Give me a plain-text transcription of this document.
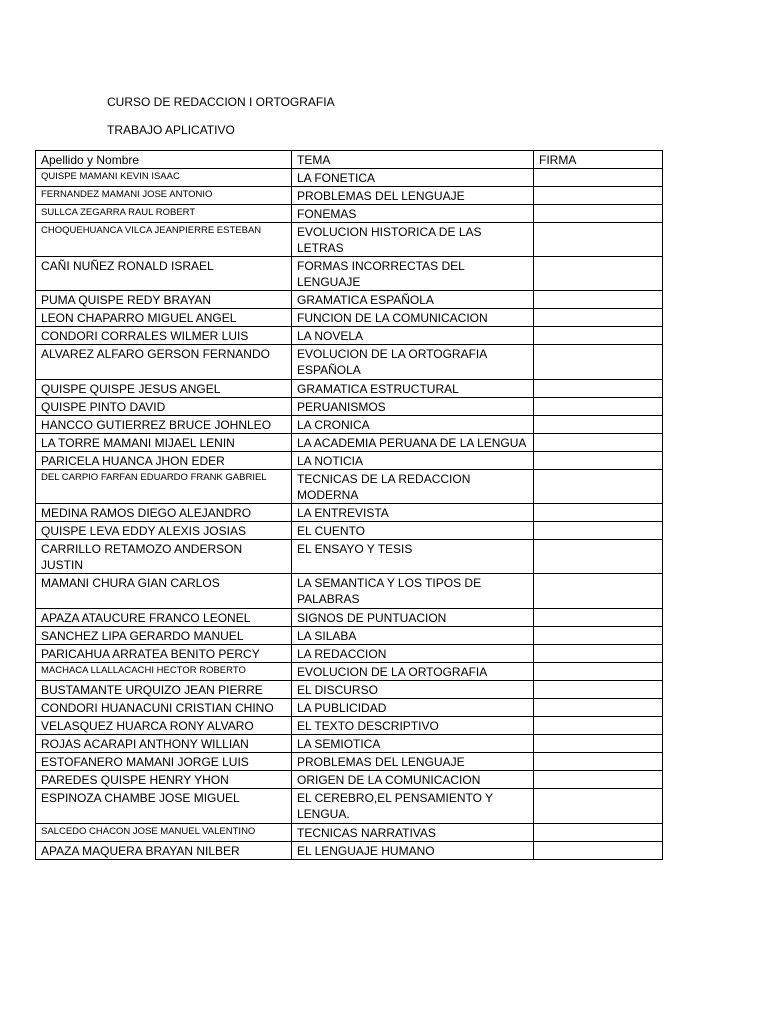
CURSO DE REDACCION I ORTOGRAFIA
TRABAJO APLICATIVO
Apellido y Nombre	TEMA	FIRMA
QUISPE MAMANI KEVIN ISAAC	LA FONETICA	
FERNANDEZ MAMANI JOSE ANTONIO	PROBLEMAS DEL LENGUAJE	
SULLCA ZEGARRA RAUL ROBERT	FONEMAS	
CHOQUEHUANCA VILCA JEANPIERRE ESTEBAN	EVOLUCION HISTORICA DE LAS LETRAS	
CAÑI NUÑEZ RONALD ISRAEL	FORMAS INCORRECTAS DEL LENGUAJE	
PUMA QUISPE REDY BRAYAN	GRAMATICA ESPAÑOLA	
LEON CHAPARRO MIGUEL ANGEL	FUNCION DE LA COMUNICACION	
CONDORI CORRALES WILMER LUIS	LA NOVELA	
ALVAREZ ALFARO GERSON FERNANDO	EVOLUCION DE LA ORTOGRAFIA ESPAÑOLA	
QUISPE QUISPE JESUS ANGEL	GRAMATICA ESTRUCTURAL	
QUISPE PINTO DAVID	PERUANISMOS	
HANCCO GUTIERREZ BRUCE JOHNLEO	LA CRONICA	
LA TORRE MAMANI MIJAEL LENIN	LA ACADEMIA PERUANA DE LA LENGUA	
PARICELA HUANCA JHON EDER	LA NOTICIA	
DEL CARPIO FARFAN EDUARDO FRANK GABRIEL	TECNICAS DE LA REDACCION MODERNA	
MEDINA RAMOS DIEGO ALEJANDRO	LA ENTREVISTA	
QUISPE LEVA EDDY ALEXIS JOSIAS	EL CUENTO	
CARRILLO RETAMOZO ANDERSON JUSTIN	EL ENSAYO Y TESIS	
MAMANI CHURA GIAN CARLOS	LA SEMANTICA Y LOS TIPOS DE PALABRAS	
APAZA ATAUCURE FRANCO LEONEL	SIGNOS DE PUNTUACION	
SANCHEZ LIPA GERARDO MANUEL	LA SILABA	
PARICAHUA ARRATEA BENITO PERCY	LA REDACCION	
MACHACA LLALLACACHI HECTOR ROBERTO	EVOLUCION DE LA ORTOGRAFIA	
BUSTAMANTE URQUIZO JEAN PIERRE	EL DISCURSO	
CONDORI HUANACUNI CRISTIAN CHINO	LA PUBLICIDAD	
VELASQUEZ HUARCA RONY ALVARO	EL TEXTO DESCRIPTIVO	
ROJAS ACARAPI ANTHONY WILLIAN	LA SEMIOTICA	
ESTOFANERO MAMANI JORGE LUIS	PROBLEMAS DEL LENGUAJE	
PAREDES QUISPE HENRY YHON	ORIGEN DE LA COMUNICACION	
ESPINOZA CHAMBE JOSE MIGUEL	EL CEREBRO,EL PENSAMIENTO Y LENGUA.	
SALCEDO CHACON JOSE MANUEL VALENTINO	TECNICAS NARRATIVAS	
APAZA MAQUERA BRAYAN NILBER	EL LENGUAJE HUMANO	
